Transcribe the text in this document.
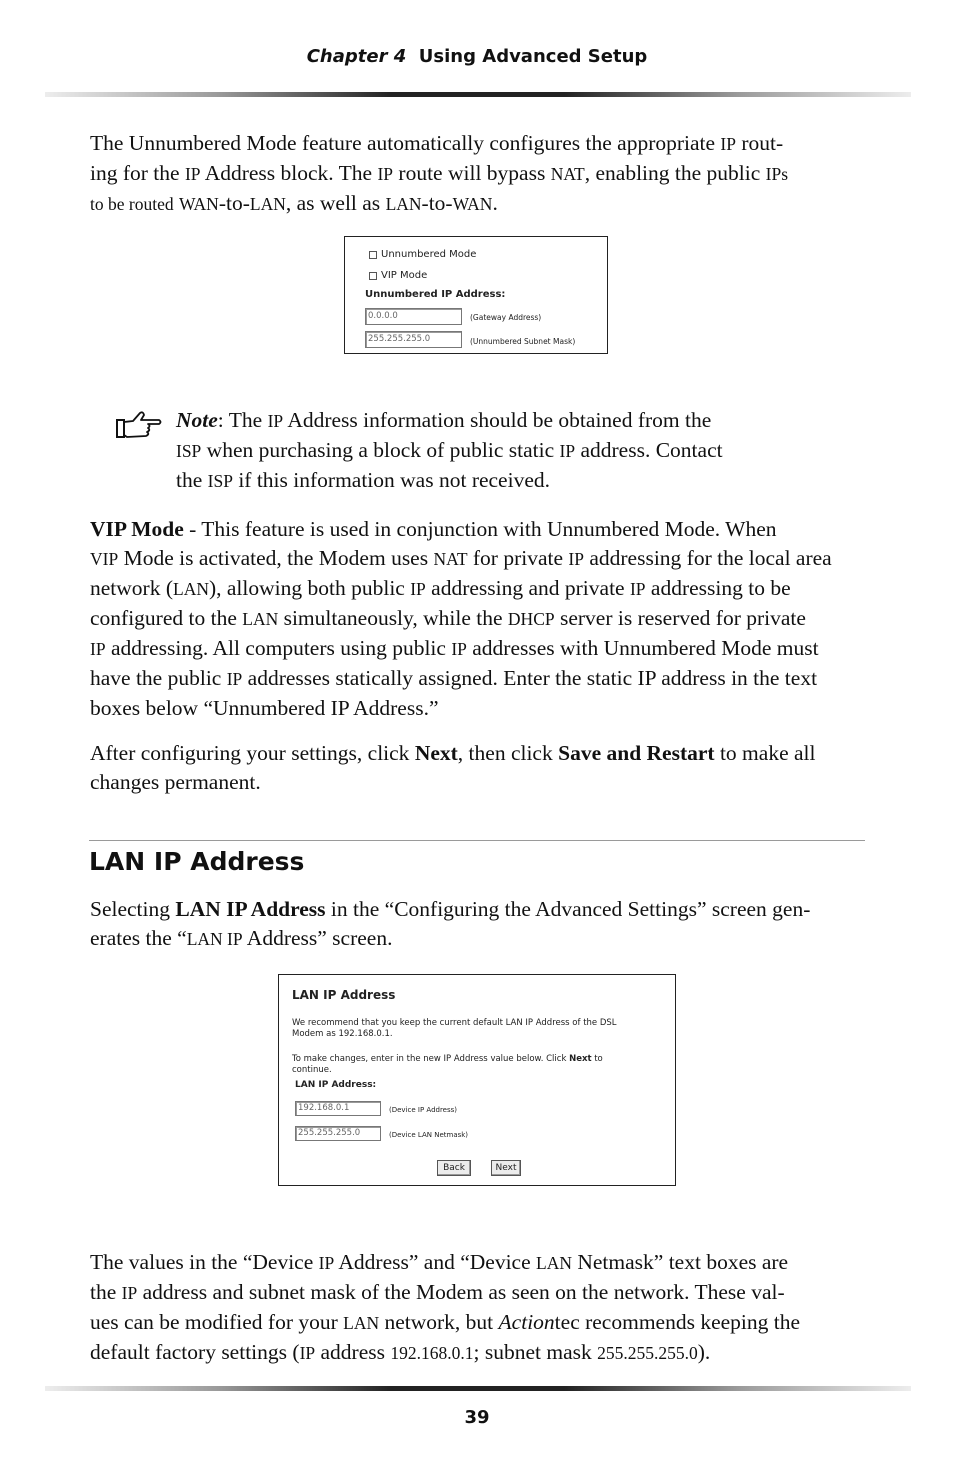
Chapter 4 Using Advanced Setup
The Unnumbered Mode feature automatically configures the appropriate IP rout-
ing for the IP Address block. The IP route will bypass NAT, enabling the public IPs
to be routed WAN-to-LAN, as well as LAN-to-WAN.
Unnumbered Mode
VIP Mode
Unnumbered IP Address:
0.0.0.0	(Gateway Address)
255.255.255.0	(Unnumbered Subnet Mask)
Note: The IP Address information should be obtained from the
ISP when purchasing a block of public static IP address. Contact
the ISP if this information was not received.
VIP Mode - This feature is used in conjunction with Unnumbered Mode. When
VIP Mode is activated, the Modem uses NAT for private IP addressing for the local area
network (LAN), allowing both public IP addressing and private IP addressing to be
configured to the LAN simultaneously, while the DHCP server is reserved for private
IP addressing. All computers using public IP addresses with Unnumbered Mode must
have the public IP addresses statically assigned. Enter the static IP address in the text
boxes below “Unnumbered IP Address.”
After configuring your settings, click Next, then click Save and Restart to make all
changes permanent.
LAN IP Address
Selecting LAN IP Address in the “Configuring the Advanced Settings” screen gen-
erates the “LAN IP Address” screen.
LAN IP Address
We recommend that you keep the current default LAN IP Address of the DSL
Modem as 192.168.0.1.
To make changes, enter in the new IP Address value below. Click Next to
continue.
LAN IP Address:
192.168.0.1	(Device IP Address)
255.255.255.0	(Device LAN Netmask)
Back	Next
The values in the “Device IP Address” and “Device LAN Netmask” text boxes are
the IP address and subnet mask of the Modem as seen on the network. These val-
ues can be modified for your LAN network, but Actiontec recommends keeping the
default factory settings (IP address 192.168.0.1; subnet mask 255.255.255.0).
39
